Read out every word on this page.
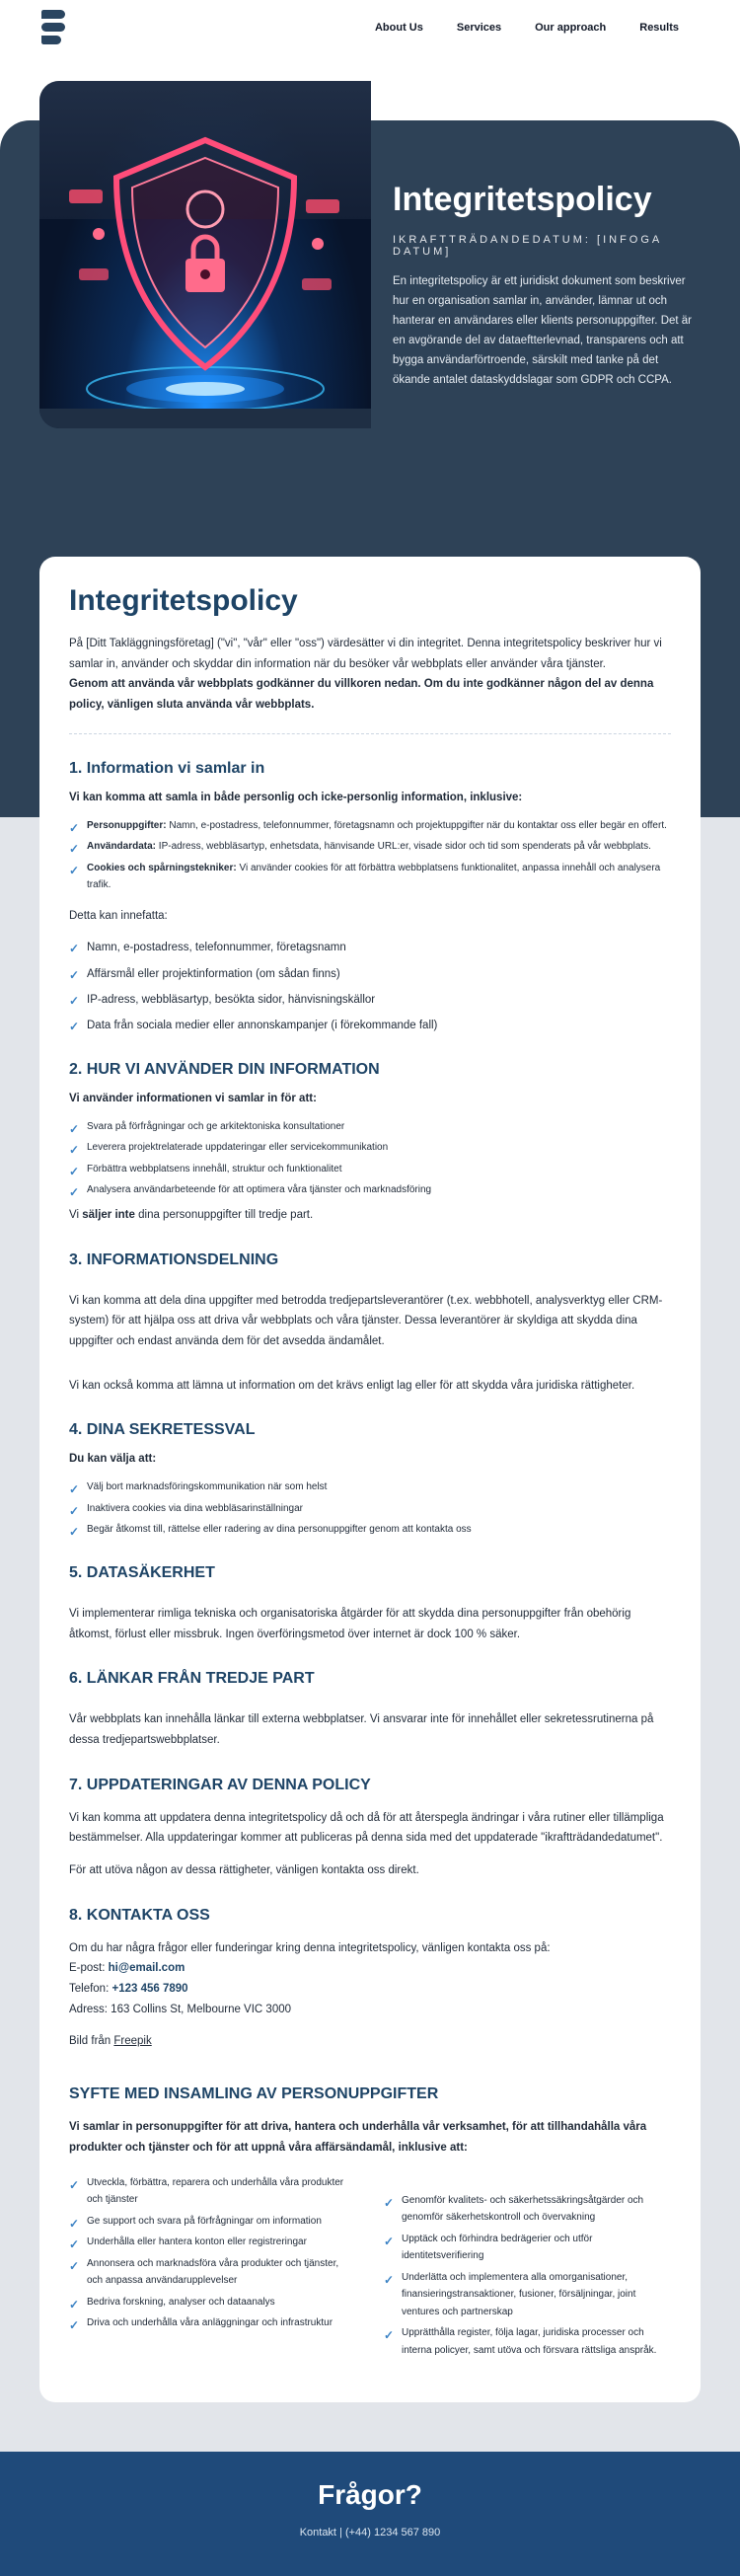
About Us	Services	Our approach	Results
Integritetspolicy
IKRAFTTRÄDANDEDATUM: [INFOGA DATUM]

En integritetspolicy är ett juridiskt dokument som beskriver hur en organisation samlar in, använder, lämnar ut och hanterar en användares eller klients personuppgifter. Det är en avgörande del av dataeftterlevnad, transparens och att bygga användarförtroende, särskilt med tanke på det ökande antalet dataskyddslagar som GDPR och CCPA.

Integritetspolicy

På [Ditt Takläggningsföretag] ("vi", "vår" eller "oss") värdesätter vi din integritet. Denna integritetspolicy beskriver hur vi samlar in, använder och skyddar din information när du besöker vår webbplats eller använder våra tjänster.

Genom att använda vår webbplats godkänner du villkoren nedan. Om du inte godkänner någon del av denna policy, vänligen sluta använda vår webbplats.

1. Information vi samlar in

Vi kan komma att samla in både personlig och icke-personlig information, inklusive:

✓ Personuppgifter: Namn, e-postadress, telefonnummer, företagsnamn och projektuppgifter när du kontaktar oss eller begär en offert.
✓ Användardata: IP-adress, webbläsartyp, enhetsdata, hänvisande URL:er, visade sidor och tid som spenderats på vår webbplats.
✓ Cookies och spårningstekniker: Vi använder cookies för att förbättra webbplatsens funktionalitet, anpassa innehåll och analysera trafik.

Detta kan innefatta:

✓ Namn, e-postadress, telefonnummer, företagsnamn
✓ Affärsmål eller projektinformation (om sådan finns)
✓ IP-adress, webbläsartyp, besökta sidor, hänvisningskällor
✓ Data från sociala medier eller annonskampanjer (i förekommande fall)
2. HUR VI ANVÄNDER DIN INFORMATION

Vi använder informationen vi samlar in för att:

✓ Svara på förfrågningar och ge arkitektoniska konsultationer
✓ Leverera projektrelaterade uppdateringar eller servicekommunikation
✓ Förbättra webbplatsens innehåll, struktur och funktionalitet
✓ Analysera användarbeteende för att optimera våra tjänster och marknadsföring

Vi säljer inte dina personuppgifter till tredje part.

3. INFORMATIONSDELNING

Vi kan komma att dela dina uppgifter med betrodda tredjepartsleverantörer (t.ex. webbhotell, analysverktyg eller CRM-system) för att hjälpa oss att driva vår webbplats och våra tjänster. Dessa leverantörer är skyldiga att skydda dina uppgifter och endast använda dem för det avsedda ändamålet.

Vi kan också komma att lämna ut information om det krävs enligt lag eller för att skydda våra juridiska rättigheter.

4. DINA SEKRETESSVAL

Du kan välja att:

✓ Välj bort marknadsföringskommunikation när som helst
✓ Inaktivera cookies via dina webbläsarinställningar
✓ Begär åtkomst till, rättelse eller radering av dina personuppgifter genom att kontakta oss
5. DATASÄKERHET

Vi implementerar rimliga tekniska och organisatoriska åtgärder för att skydda dina personuppgifter från obehörig åtkomst, förlust eller missbruk. Ingen överföringsmetod över internet är dock 100 % säker.

6. LÄNKAR FRÅN TREDJE PART

Vår webbplats kan innehålla länkar till externa webbplatser. Vi ansvarar inte för innehållet eller sekretessrutinerna på dessa tredjepartswebbplatser.

7. UPPDATERINGAR AV DENNA POLICY

Vi kan komma att uppdatera denna integritetspolicy då och då för att återspegla ändringar i våra rutiner eller tillämpliga bestämmelser. Alla uppdateringar kommer att publiceras på denna sida med det uppdaterade "ikraftträdandedatumet".

För att utöva någon av dessa rättigheter, vänligen kontakta oss direkt.

8. KONTAKTA OSS

Om du har några frågor eller funderingar kring denna integritetspolicy, vänligen kontakta oss på:

E-post: hi@email.com

Telefon: +123 456 7890

Adress: 163 Collins St, Melbourne VIC 3000

Bild från Freepik

SYFTE MED INSAMLING AV PERSONUPPGIFTER

Vi samlar in personuppgifter för att driva, hantera och underhålla vår verksamhet, för att tillhandahålla våra produkter och tjänster och för att uppnå våra affärsändamål, inklusive att:

✓ Utveckla, förbättra, reparera och underhålla våra produkter och tjänster
✓ Ge support och svara på förfrågningar om information
✓ Underhålla eller hantera konton eller registreringar
✓ Annonsera och marknadsföra våra produkter och tjänster, och anpassa användarupplevelser
✓ Bedriva forskning, analyser och dataanalys
✓ Driva och underhålla våra anläggningar och infrastruktur
✓ Genomför kvalitets- och säkerhetssäkringsåtgärder och genomför säkerhetskontroll och övervakning
✓ Upptäck och förhindra bedrägerier och utför identitetsverifiering
✓ Underlätta och implementera alla omorganisationer, finansieringstransaktioner, fusioner, försäljningar, joint ventures och partnerskap
✓ Upprätthålla register, följa lagar, juridiska processer och interna policyer, samt utöva och försvara rättsliga anspråk.
Frågor?

Kontakt | (+44) 1234 567 890
